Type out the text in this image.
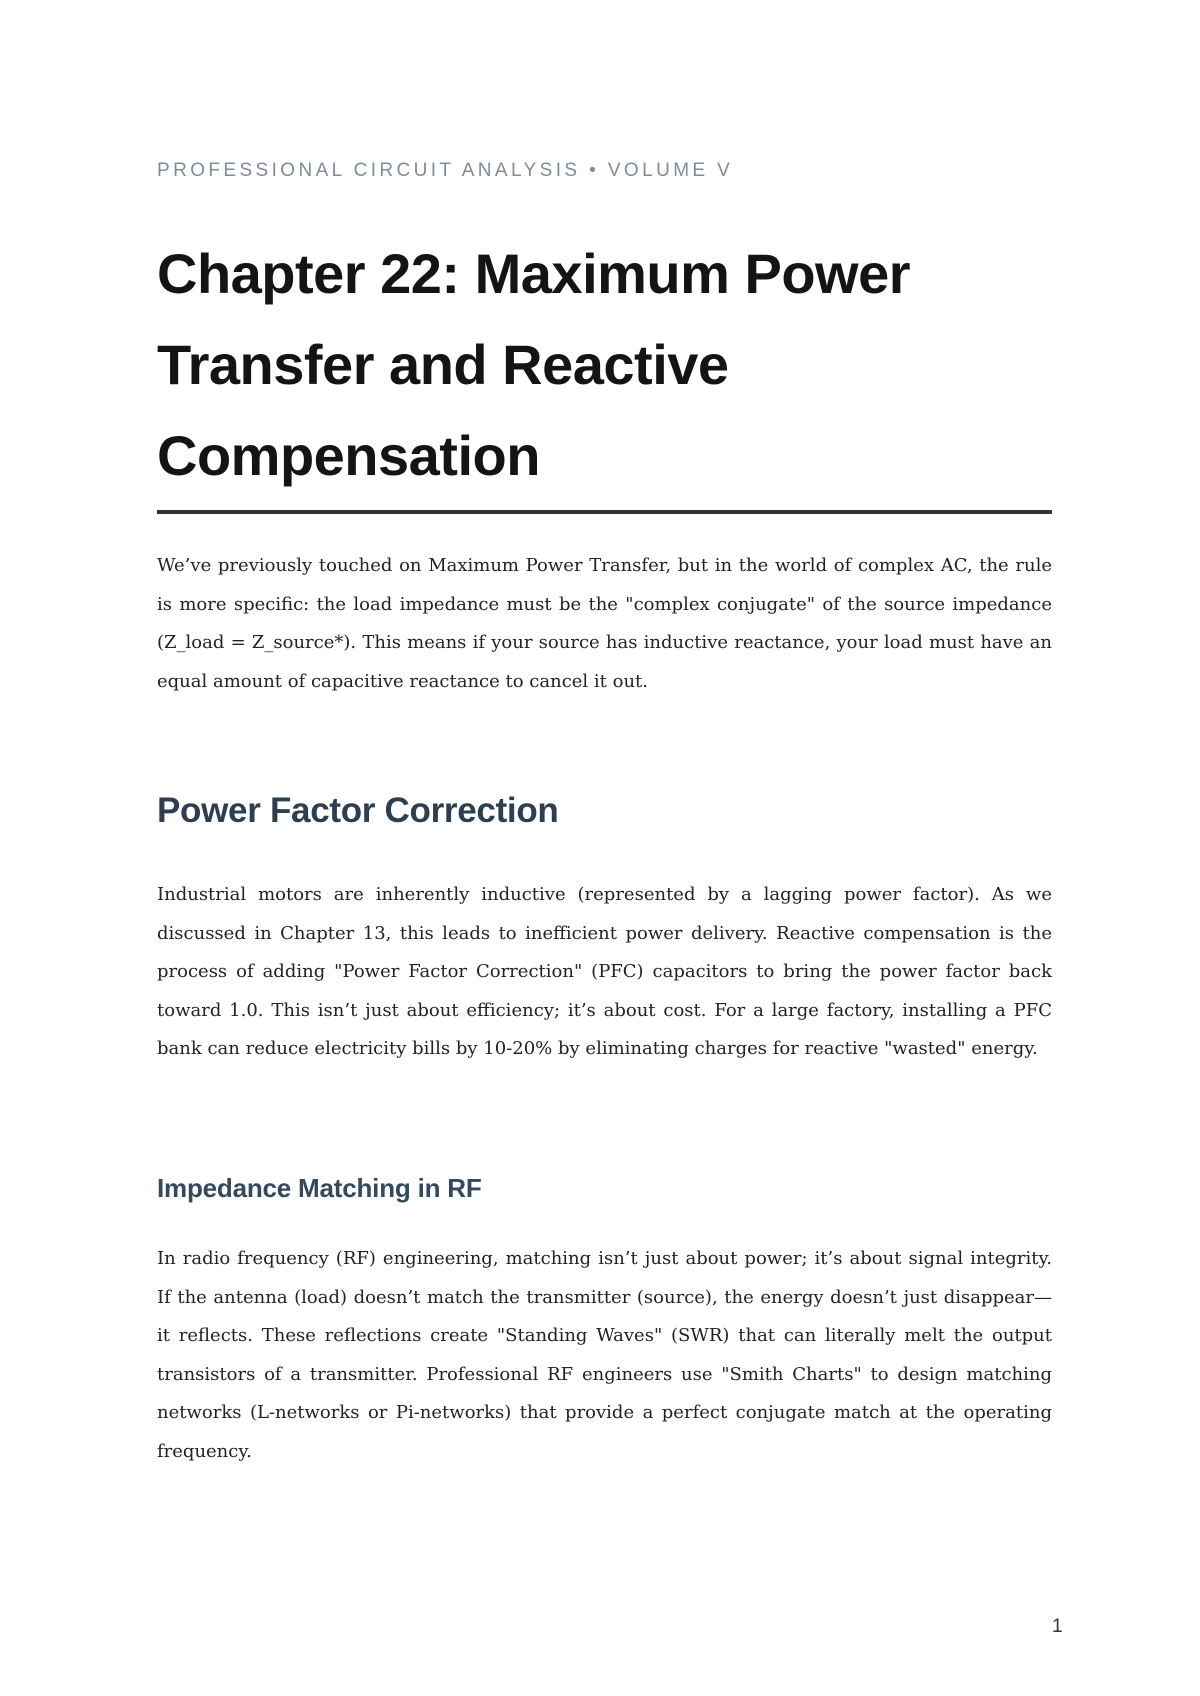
PROFESSIONAL CIRCUIT ANALYSIS • VOLUME V
Chapter 22: Maximum Power Transfer and Reactive Compensation

We’ve previously touched on Maximum Power Transfer, but in the world of complex AC, the rule is more specific: the load impedance must be the "complex conjugate" of the source impedance (Z_load = Z_source*). This means if your source has inductive reactance, your load must have an equal amount of capacitive reactance to cancel it out.

Power Factor Correction

Industrial motors are inherently inductive (represented by a lagging power factor). As we discussed in Chapter 13, this leads to inefficient power delivery. Reactive compensation is the process of adding "Power Factor Correction" (PFC) capacitors to bring the power factor back toward 1.0. This isn’t just about efficiency; it’s about cost. For a large factory, installing a PFC bank can reduce electricity bills by 10-20% by eliminating charges for reactive "wasted" energy.

Impedance Matching in RF

In radio frequency (RF) engineering, matching isn’t just about power; it’s about signal integrity. If the antenna (load) doesn’t match the transmitter (source), the energy doesn’t just disappear—it reflects. These reflections create "Standing Waves" (SWR) that can literally melt the output transistors of a transmitter. Professional RF engineers use "Smith Charts" to design matching networks (L-networks or Pi-networks) that provide a perfect conjugate match at the operating frequency.

1
